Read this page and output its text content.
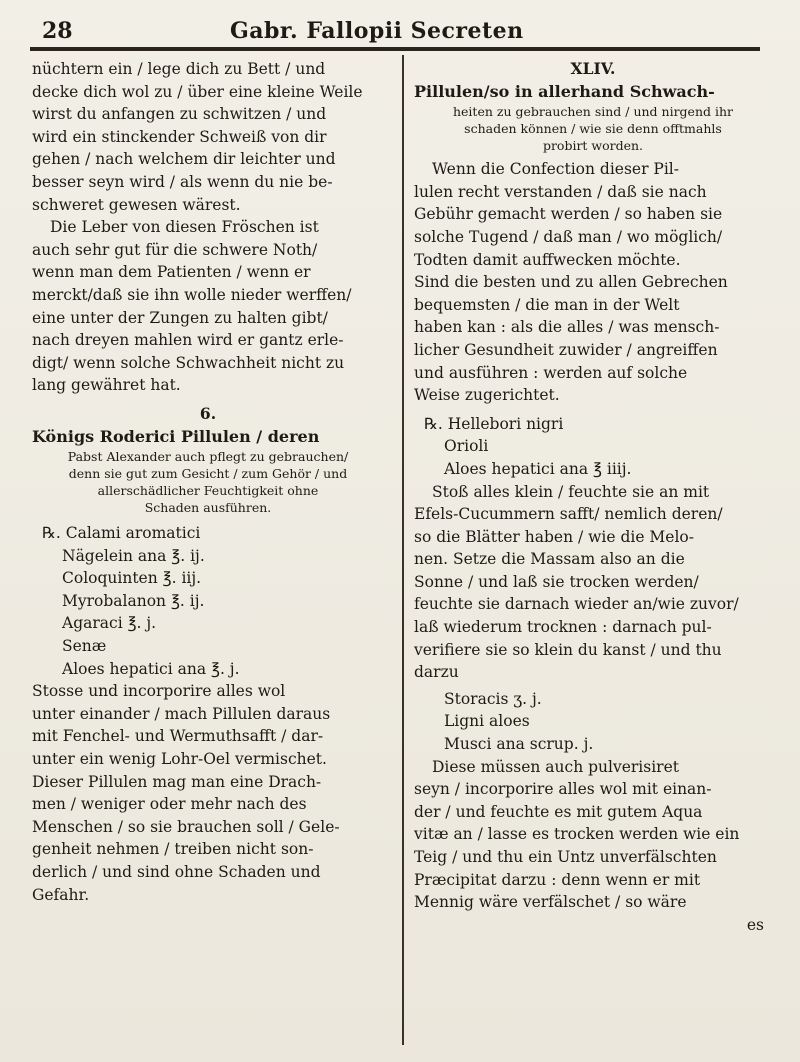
28	Gabr. Fallopii Secreten
nüchtern ein / lege dich zu Bett / und
decke dich wol zu / über eine kleine Weile
wirst du anfangen zu schwitzen / und
wird ein stinckender Schweiß von dir
gehen / nach welchem dir leichter und
besser seyn wird / als wenn du nie be-
schweret gewesen wärest.
Die Leber von diesen Fröschen ist
auch sehr gut für die schwere Noth/
wenn man dem Patienten / wenn er
merckt/daß sie ihn wolle nieder werffen/
eine unter der Zungen zu halten gibt/
nach dreyen mahlen wird er gantz erle-
digt/ wenn solche Schwachheit nicht zu
lang gewähret hat.
6.
Königs Roderici Pillulen / deren
Pabst Alexander auch pflegt zu gebrauchen/
denn sie gut zum Gesicht / zum Gehör / und
allerschädlicher Feuchtigkeit ohne
Schaden ausführen.
℞. Calami aromatici
Nägelein ana ℥. ij.
Coloquinten ℥. iij.
Myrobalanon ℥. ij.
Agaraci ℥. j.
Senæ
Aloes hepatici ana ℥. j.
Stosse und incorporire alles wol
unter einander / mach Pillulen daraus
mit Fenchel- und Wermuthsafft / dar-
unter ein wenig Lohr-Oel vermischet.
Dieser Pillulen mag man eine Drach-
men / weniger oder mehr nach des
Menschen / so sie brauchen soll / Gele-
genheit nehmen / treiben nicht son-
derlich / und sind ohne Schaden und
Gefahr.
XLIV.
Pillulen/so in allerhand Schwach-
heiten zu gebrauchen sind / und nirgend ihr
schaden können / wie sie denn offtmahls
probirt worden.
Wenn die Confection dieser Pil-
lulen recht verstanden / daß sie nach
Gebühr gemacht werden / so haben sie
solche Tugend / daß man / wo möglich/
Todten damit auffwecken möchte.
Sind die besten und zu allen Gebrechen
bequemsten / die man in der Welt
haben kan : als die alles / was mensch-
licher Gesundheit zuwider / angreiffen
und ausführen : werden auf solche
Weise zugerichtet.
℞. Hellebori nigri
Orioli
Aloes hepatici ana ℥ iiij.
Stoß alles klein / feuchte sie an mit
Efels-Cucummern safft/ nemlich deren/
so die Blätter haben / wie die Melo-
nen. Setze die Massam also an die
Sonne / und laß sie trocken werden/
feuchte sie darnach wieder an/wie zuvor/
laß wiederum trocknen : darnach pul-
verifiere sie so klein du kanst / und thu
darzu
Storacis ʒ. j.
Ligni aloes
Musci ana scrup. j.
Diese müssen auch pulverisiret
seyn / incorporire alles wol mit einan-
der / und feuchte es mit gutem Aqua
vitæ an / lasse es trocken werden wie ein
Teig / und thu ein Untz unverfälschten
Præcipitat darzu : denn wenn er mit
Mennig wäre verfälschet / so wäre
es
